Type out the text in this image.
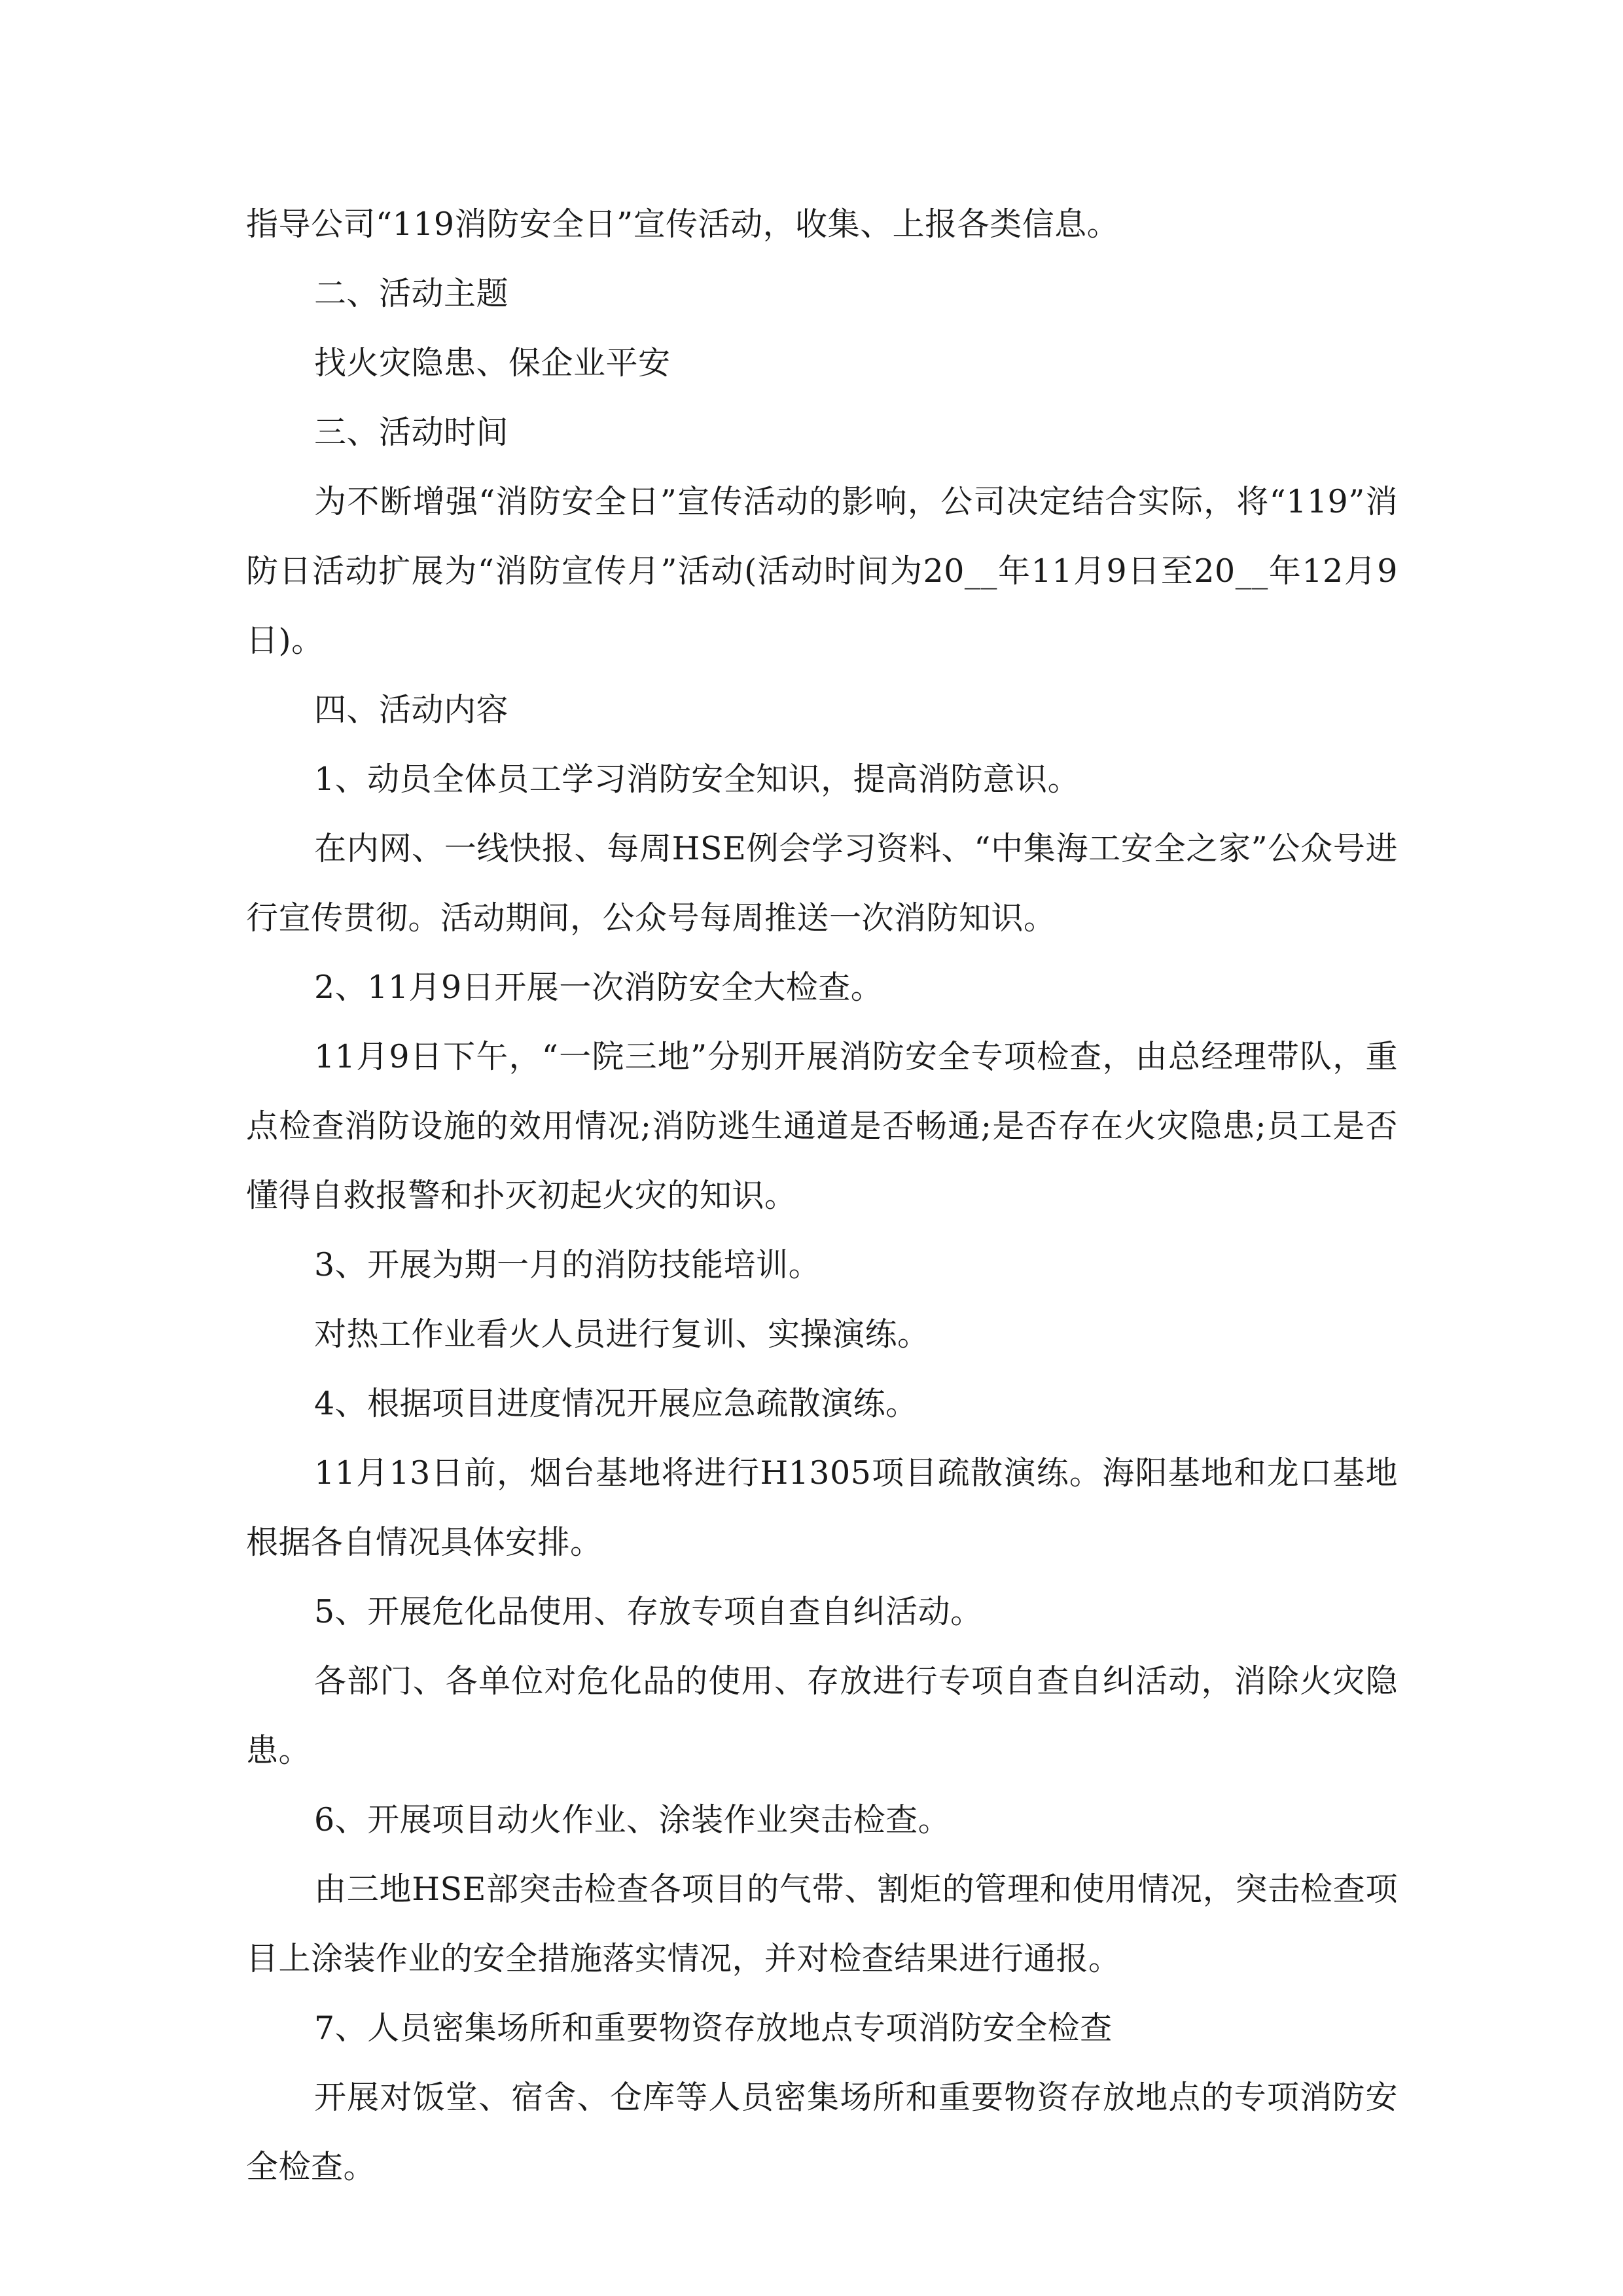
指导公司“119消防安全日”宣传活动，收集、上报各类信息。

二、活动主题

找火灾隐患、保企业平安

三、活动时间

为不断增强“消防安全日”宣传活动的影响，公司决定结合实际，将“119”消防日活动扩展为“消防宣传月”活动(活动时间为20__年11月9日至20__年12月9日)。

四、活动内容

1、动员全体员工学习消防安全知识，提高消防意识。

在内网、一线快报、每周HSE例会学习资料、“中集海工安全之家”公众号进行宣传贯彻。活动期间，公众号每周推送一次消防知识。

2、11月9日开展一次消防安全大检查。

11月9日下午，“一院三地”分别开展消防安全专项检查，由总经理带队，重点检查消防设施的效用情况;消防逃生通道是否畅通;是否存在火灾隐患;员工是否懂得自救报警和扑灭初起火灾的知识。

3、开展为期一月的消防技能培训。

对热工作业看火人员进行复训、实操演练。

4、根据项目进度情况开展应急疏散演练。

11月13日前，烟台基地将进行H1305项目疏散演练。海阳基地和龙口基地根据各自情况具体安排。

5、开展危化品使用、存放专项自查自纠活动。

各部门、各单位对危化品的使用、存放进行专项自查自纠活动，消除火灾隐患。

6、开展项目动火作业、涂装作业突击检查。

由三地HSE部突击检查各项目的气带、割炬的管理和使用情况，突击检查项目上涂装作业的安全措施落实情况，并对检查结果进行通报。

7、人员密集场所和重要物资存放地点专项消防安全检查

开展对饭堂、宿舍、仓库等人员密集场所和重要物资存放地点的专项消防安全检查。
